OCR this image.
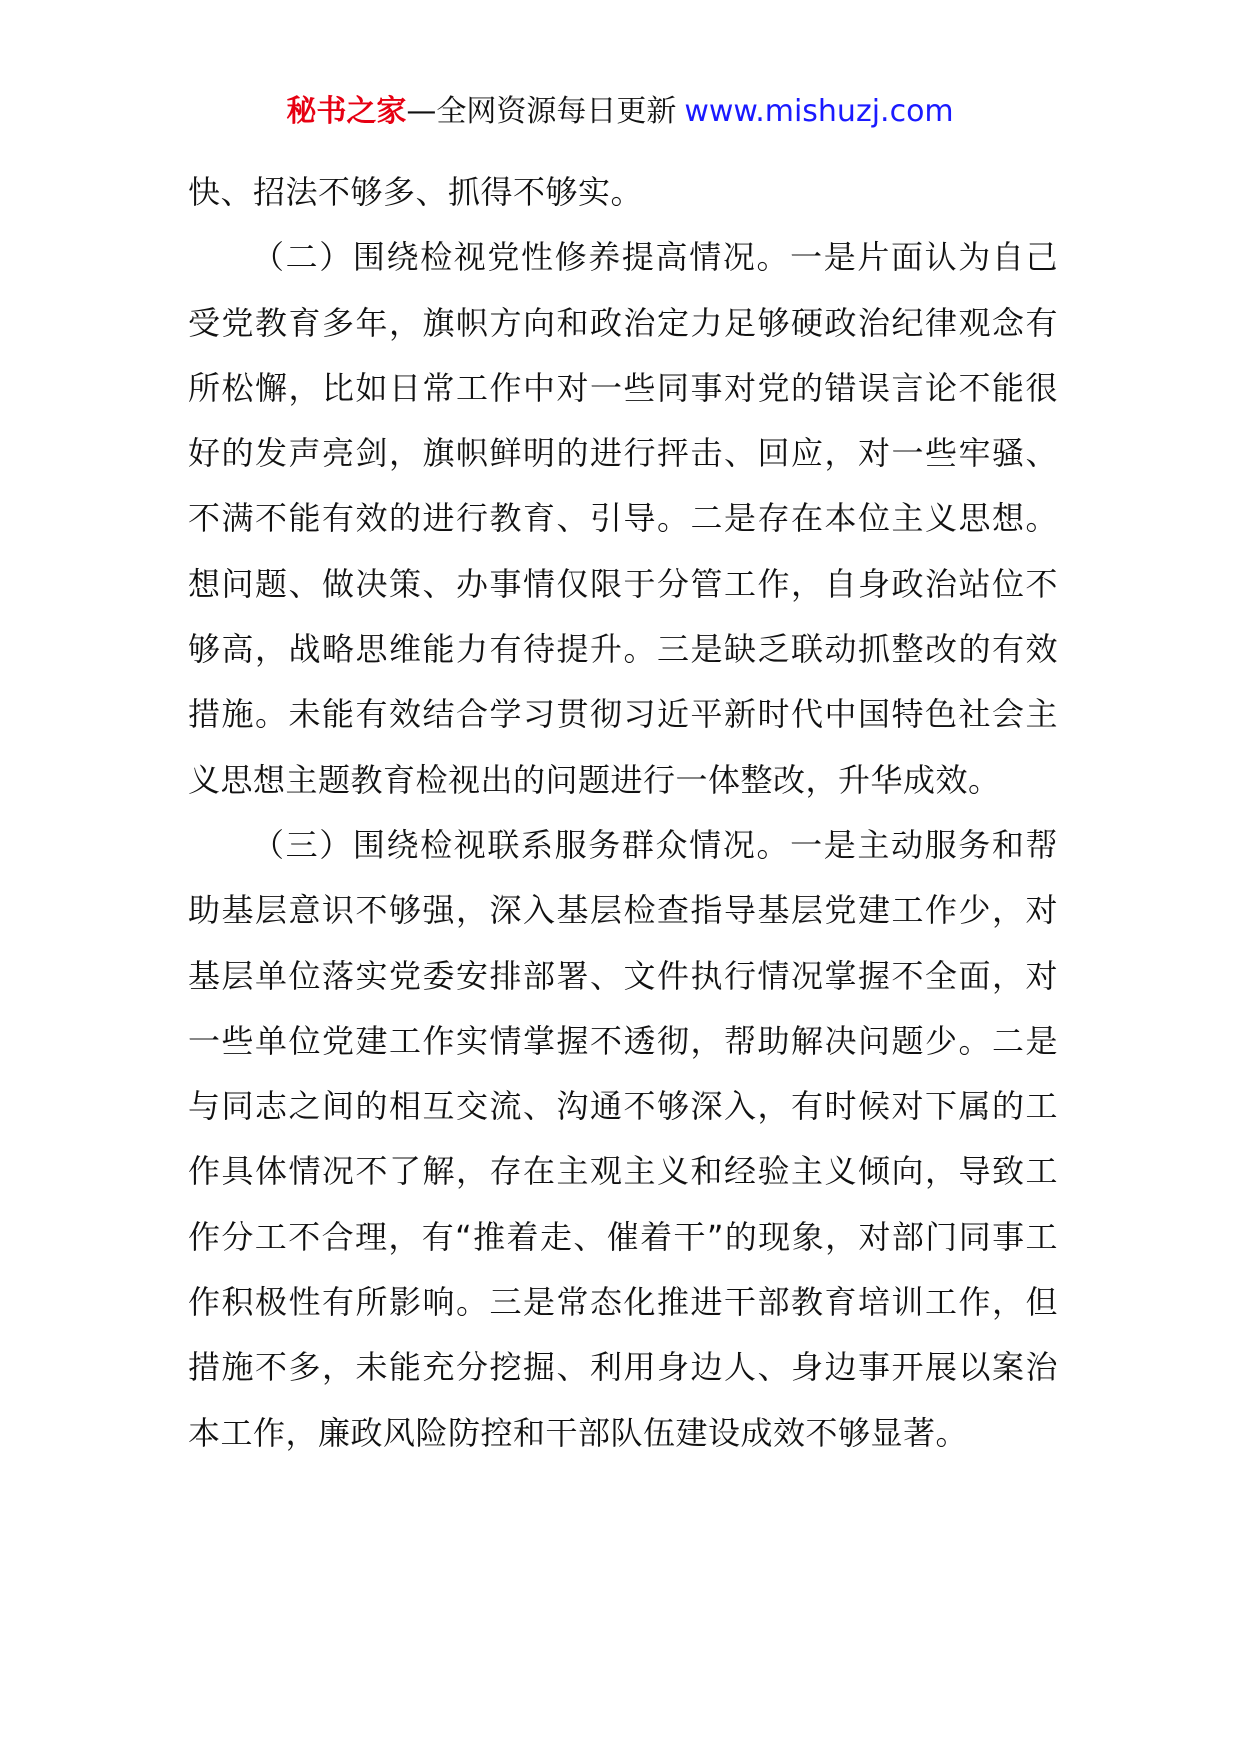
秘书之家—全网资源每日更新 www.mishuzj.com

快、招法不够多、抓得不够实。

（二）围绕检视党性修养提高情况。一是片面认为自己受党教育多年，旗帜方向和政治定力足够硬政治纪律观念有所松懈，比如日常工作中对一些同事对党的错误言论不能很好的发声亮剑，旗帜鲜明的进行抨击、回应，对一些牢骚、不满不能有效的进行教育、引导。二是存在本位主义思想。想问题、做决策、办事情仅限于分管工作，自身政治站位不够高，战略思维能力有待提升。三是缺乏联动抓整改的有效措施。未能有效结合学习贯彻习近平新时代中国特色社会主义思想主题教育检视出的问题进行一体整改，升华成效。

（三）围绕检视联系服务群众情况。一是主动服务和帮助基层意识不够强，深入基层检查指导基层党建工作少，对基层单位落实党委安排部署、文件执行情况掌握不全面，对一些单位党建工作实情掌握不透彻，帮助解决问题少。二是与同志之间的相互交流、沟通不够深入，有时候对下属的工作具体情况不了解，存在主观主义和经验主义倾向，导致工作分工不合理，有“推着走、催着干”的现象，对部门同事工作积极性有所影响。三是常态化推进干部教育培训工作，但措施不多，未能充分挖掘、利用身边人、身边事开展以案治本工作，廉政风险防控和干部队伍建设成效不够显著。
